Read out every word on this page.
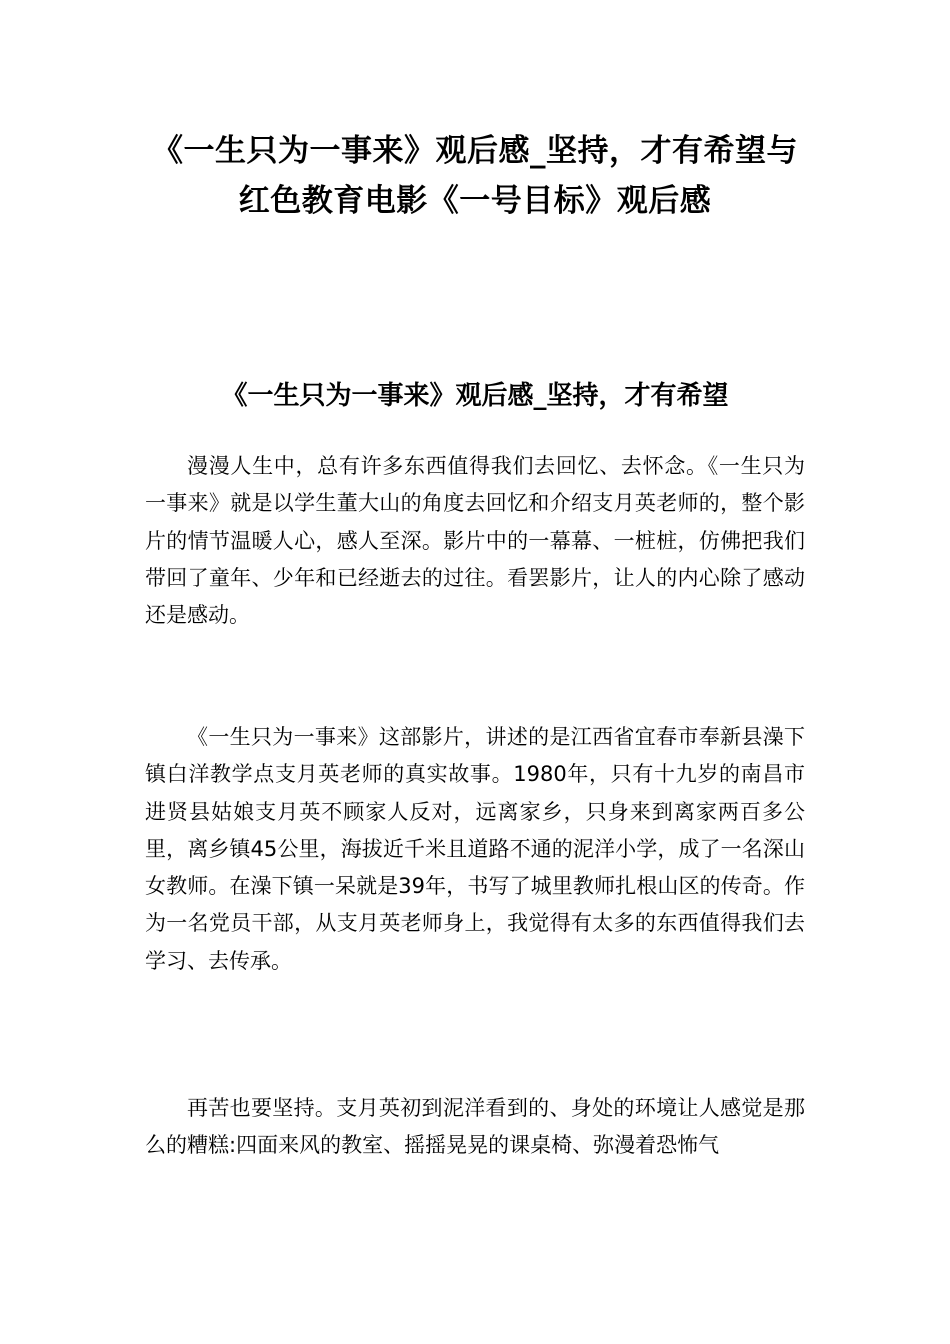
《一生只为一事来》观后感_坚持，才有希望与红色教育电影《一号目标》观后感
《一生只为一事来》观后感_坚持，才有希望

漫漫人生中，总有许多东西值得我们去回忆、去怀念。《一生只为一事来》就是以学生董大山的角度去回忆和介绍支月英老师的，整个影片的情节温暖人心，感人至深。影片中的一幕幕、一桩桩，仿佛把我们带回了童年、少年和已经逝去的过往。看罢影片，让人的内心除了感动还是感动。

《一生只为一事来》这部影片，讲述的是江西省宜春市奉新县澡下镇白洋教学点支月英老师的真实故事。1980年，只有十九岁的南昌市进贤县姑娘支月英不顾家人反对，远离家乡，只身来到离家两百多公里，离乡镇45公里，海拔近千米且道路不通的泥洋小学，成了一名深山女教师。在澡下镇一呆就是39年，书写了城里教师扎根山区的传奇。作为一名党员干部，从支月英老师身上，我觉得有太多的东西值得我们去学习、去传承。

再苦也要坚持。支月英初到泥洋看到的、身处的环境让人感觉是那么的糟糕:四面来风的教室、摇摇晃晃的课桌椅、弥漫着恐怖气
